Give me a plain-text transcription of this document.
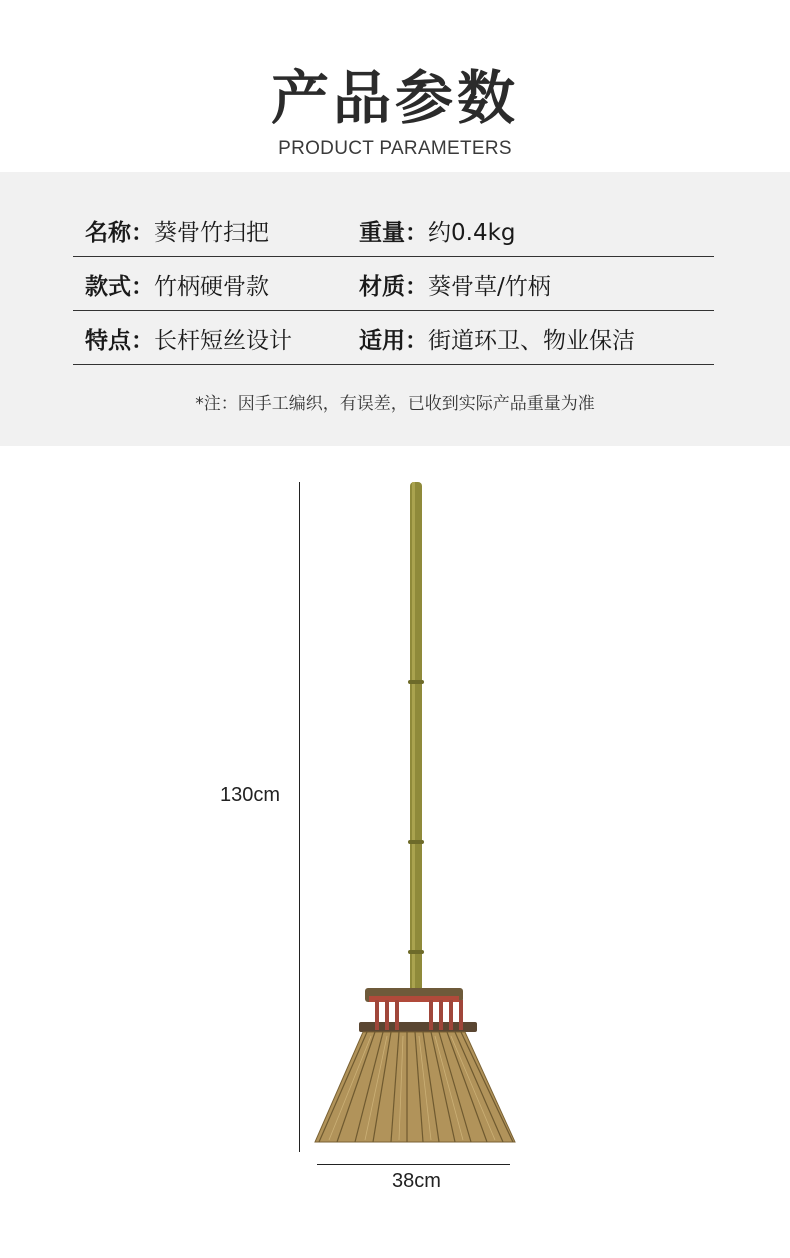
产品参数
PRODUCT PARAMETERS
名称：葵骨竹扫把	重量：约0.4kg
款式：竹柄硬骨款	材质：葵骨草/竹柄
特点：长杆短丝设计	适用：街道环卫、物业保洁
*注：因手工编织，有误差，已收到实际产品重量为准
130cm
38cm
